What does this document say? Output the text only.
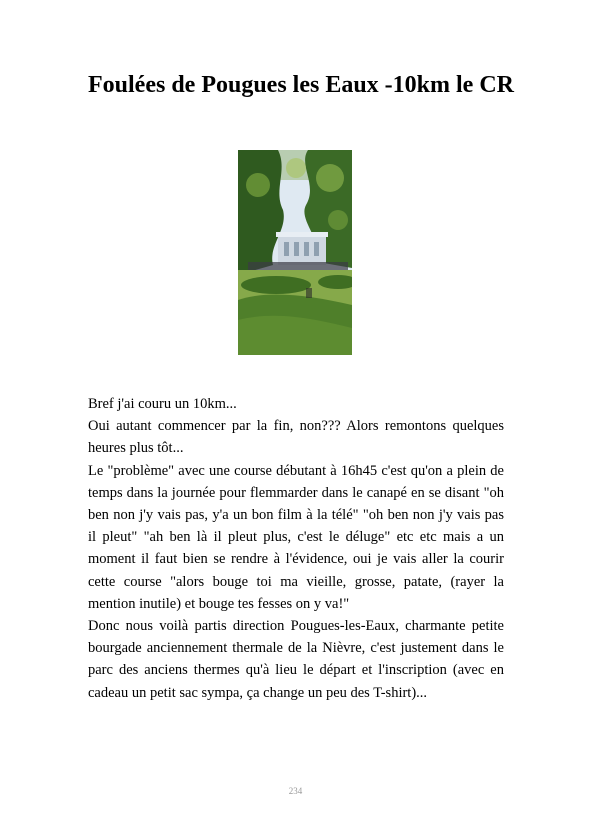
Foulées de Pougues les Eaux -10km le CR

Bref j'ai couru un 10km...

Oui autant commencer par la fin, non??? Alors remontons quelques heures plus tôt...

Le "problème" avec une course débutant à 16h45 c'est qu'on a plein de temps dans la journée pour flemmarder dans le canapé en se disant "oh ben non j'y vais pas, y'a un bon film à la télé" "oh ben non j'y vais pas il pleut" "ah ben là il pleut plus, c'est le déluge" etc etc mais a un moment il faut bien se rendre à l'évidence, oui je vais aller la courir cette course "alors bouge toi ma vieille, grosse, patate, (rayer la mention inutile) et bouge tes fesses on y va!"

Donc nous voilà partis direction Pougues-les-Eaux, charmante petite bourgade anciennement thermale de la Nièvre, c'est justement dans le parc des anciens thermes qu'à lieu le départ et l'inscription (avec en cadeau un petit sac sympa, ça change un peu des T-shirt)...

234
